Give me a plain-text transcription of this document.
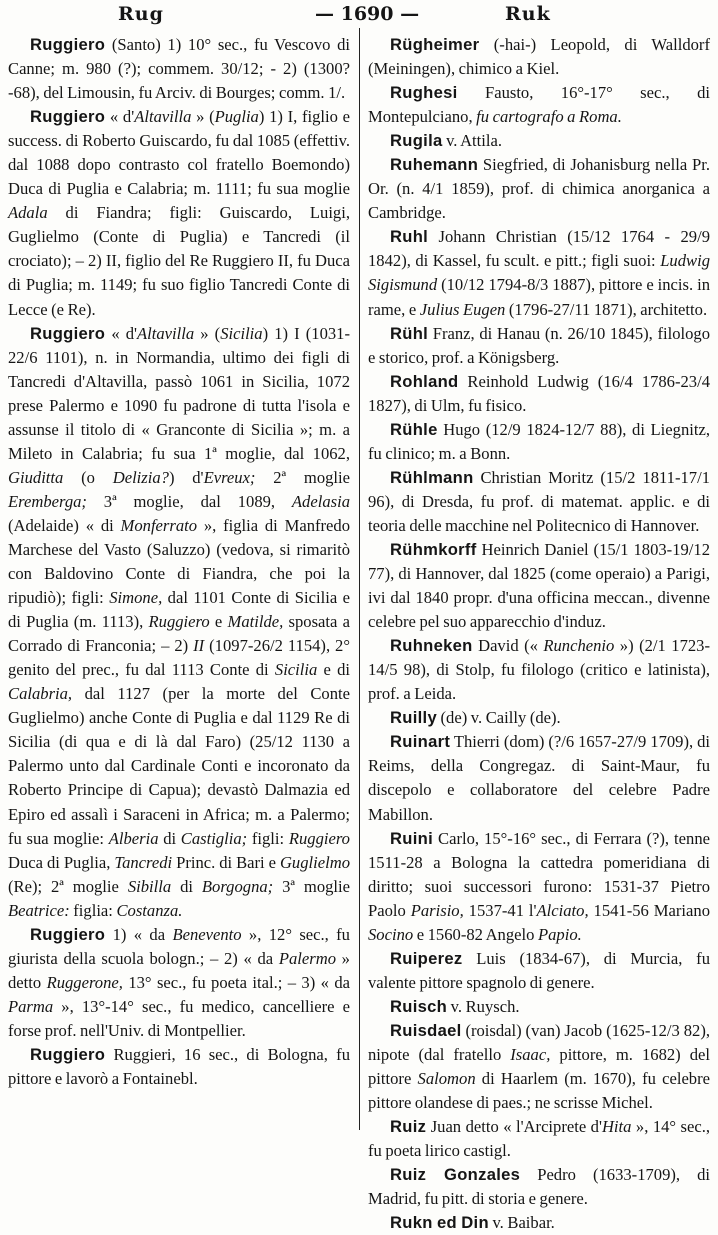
Rug	— 1690 —	Ruk

Ruggiero (Santo) 1) 10° sec., fu Vescovo di Canne; m. 980 (?); commem. 30/12; - 2) (1300?-68), del Limousin, fu Arciv. di Bourges; comm. 1/.

Ruggiero « d'Altavilla » (Puglia) 1) I, figlio e success. di Roberto Guiscardo, fu dal 1085 (effettiv. dal 1088 dopo contrasto col fratello Boemondo) Duca di Puglia e Calabria; m. 1111; fu sua moglie Adala di Fiandra; figli: Guiscardo, Luigi, Guglielmo (Conte di Puglia) e Tancredi (il crociato); – 2) II, figlio del Re Ruggiero II, fu Duca di Puglia; m. 1149; fu suo figlio Tancredi Conte di Lecce (e Re).

Ruggiero « d'Altavilla » (Sicilia) 1) I (1031-22/6 1101), n. in Normandia, ultimo dei figli di Tancredi d'Altavilla, passò 1061 in Sicilia, 1072 prese Palermo e 1090 fu padrone di tutta l'isola e assunse il titolo di « Granconte di Sicilia »; m. a Mileto in Calabria; fu sua 1ª moglie, dal 1062, Giuditta (o Delizia?) d'Evreux; 2ª moglie Eremberga; 3ª moglie, dal 1089, Adelasia (Adelaide) « di Monferrato », figlia di Manfredo Marchese del Vasto (Saluzzo) (vedova, si rimaritò con Baldovino Conte di Fiandra, che poi la ripudiò); figli: Simone, dal 1101 Conte di Sicilia e di Puglia (m. 1113), Ruggiero e Matilde, sposata a Corrado di Franconia; – 2) II (1097-26/2 1154), 2° genito del prec., fu dal 1113 Conte di Sicilia e di Calabria, dal 1127 (per la morte del Conte Guglielmo) anche Conte di Puglia e dal 1129 Re di Sicilia (di qua e di là dal Faro) (25/12 1130 a Palermo unto dal Cardinale Conti e incoronato da Roberto Principe di Capua); devastò Dalmazia ed Epiro ed assalì i Saraceni in Africa; m. a Palermo; fu sua moglie: Alberia di Castiglia; figli: Ruggiero Duca di Puglia, Tancredi Princ. di Bari e Guglielmo (Re); 2ª moglie Sibilla di Borgogna; 3ª moglie Beatrice: figlia: Costanza.

Ruggiero 1) « da Benevento », 12° sec., fu giurista della scuola bologn.; – 2) « da Palermo » detto Ruggerone, 13° sec., fu poeta ital.; – 3) « da Parma », 13°-14° sec., fu medico, cancelliere e forse prof. nell'Univ. di Montpellier.

Ruggiero Ruggieri, 16 sec., di Bologna, fu pittore e lavorò a Fontainebl.

Rügheimer (-hai-) Leopold, di Walldorf (Meiningen), chimico a Kiel.

Rughesi Fausto, 16°-17° sec., di Montepulciano, fu cartografo a Roma.

Rugila v. Attila.

Ruhemann Siegfried, di Johanisburg nella Pr. Or. (n. 4/1 1859), prof. di chimica anorganica a Cambridge.

Ruhl Johann Christian (15/12 1764 - 29/9 1842), di Kassel, fu scult. e pitt.; figli suoi: Ludwig Sigismund (10/12 1794-8/3 1887), pittore e incis. in rame, e Julius Eugen (1796-27/11 1871), architetto.

Rühl Franz, di Hanau (n. 26/10 1845), filologo e storico, prof. a Königsberg.

Rohland Reinhold Ludwig (16/4 1786-23/4 1827), di Ulm, fu fisico.

Rühle Hugo (12/9 1824-12/7 88), di Liegnitz, fu clinico; m. a Bonn.

Rühlmann Christian Moritz (15/2 1811-17/1 96), di Dresda, fu prof. di matemat. applic. e di teoria delle macchine nel Politecnico di Hannover.

Rühmkorff Heinrich Daniel (15/1 1803-19/12 77), di Hannover, dal 1825 (come operaio) a Parigi, ivi dal 1840 propr. d'una officina meccan., divenne celebre pel suo apparecchio d'induz.

Ruhneken David (« Runchenio ») (2/1 1723-14/5 98), di Stolp, fu filologo (critico e latinista), prof. a Leida.

Ruilly (de) v. Cailly (de).

Ruinart Thierri (dom) (?/6 1657-27/9 1709), di Reims, della Congregaz. di Saint-Maur, fu discepolo e collaboratore del celebre Padre Mabillon.

Ruini Carlo, 15°-16° sec., di Ferrara (?), tenne 1511-28 a Bologna la cattedra pomeridiana di diritto; suoi successori furono: 1531-37 Pietro Paolo Parisio, 1537-41 l'Alciato, 1541-56 Mariano Socino e 1560-82 Angelo Papio.

Ruiperez Luis (1834-67), di Murcia, fu valente pittore spagnolo di genere.

Ruisch v. Ruysch.

Ruisdael (roisdal) (van) Jacob (1625-12/3 82), nipote (dal fratello Isaac, pittore, m. 1682) del pittore Salomon di Haarlem (m. 1670), fu celebre pittore olandese di paes.; ne scrisse Michel.

Ruiz Juan detto « l'Arciprete d'Hita », 14° sec., fu poeta lirico castigl.

Ruiz Gonzales Pedro (1633-1709), di Madrid, fu pitt. di storia e genere.

Rukn ed Din v. Baibar.
